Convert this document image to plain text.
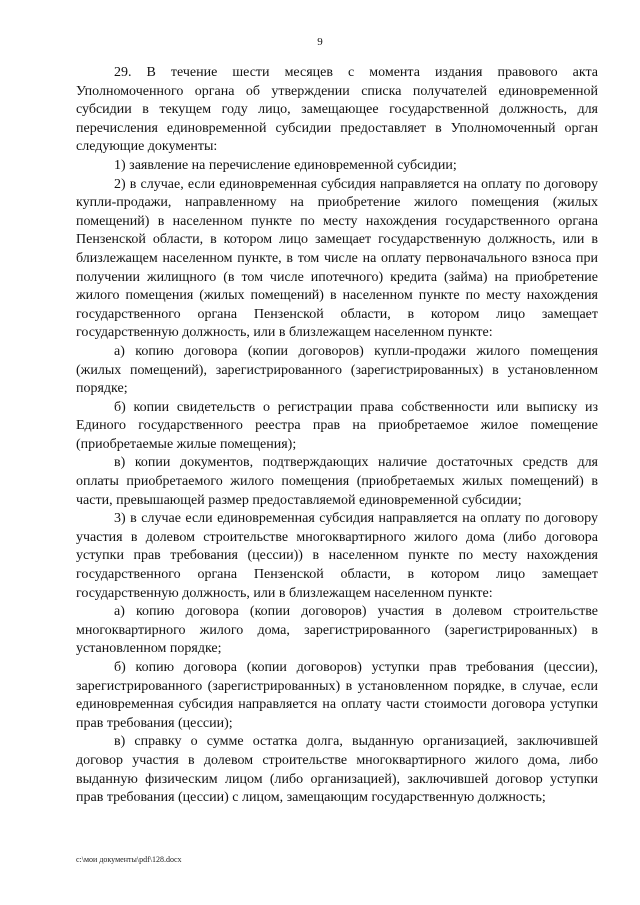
9

29. В течение шести месяцев с момента издания правового акта Уполномоченного органа об утверждении списка получателей единовременной субсидии в текущем году лицо, замещающее государственной должность, для перечисления единовременной субсидии предоставляет в Уполномоченный орган следующие документы:

1) заявление на перечисление единовременной субсидии;

2) в случае, если единовременная субсидия направляется на оплату по договору купли-продажи, направленному на приобретение жилого помещения (жилых помещений) в населенном пункте по месту нахождения государственного органа Пензенской области, в котором лицо замещает государственную должность, или в близлежащем населенном пункте, в том числе на оплату первоначального взноса при получении жилищного (в том числе ипотечного) кредита (займа) на приобретение жилого помещения (жилых помещений) в населенном пункте по месту нахождения государственного органа Пензенской области, в котором лицо замещает государственную должность, или в близлежащем населенном пункте:

а) копию договора (копии договоров) купли-продажи жилого помещения (жилых помещений), зарегистрированного (зарегистрированных) в установленном порядке;

б) копии свидетельств о регистрации права собственности или выписку из Единого государственного реестра прав на приобретаемое жилое помещение (приобретаемые жилые помещения);

в) копии документов, подтверждающих наличие достаточных средств для оплаты приобретаемого жилого помещения (приобретаемых жилых помещений) в части, превышающей размер предоставляемой единовременной субсидии;

3) в случае если единовременная субсидия направляется на оплату по договору участия в долевом строительстве многоквартирного жилого дома (либо договора уступки прав требования (цессии)) в населенном пункте по месту нахождения государственного органа Пензенской области, в котором лицо замещает государственную должность, или в близлежащем населенном пункте:

а) копию договора (копии договоров) участия в долевом строительстве многоквартирного жилого дома, зарегистрированного (зарегистрированных) в установленном порядке;

б) копию договора (копии договоров) уступки прав требования (цессии), зарегистрированного (зарегистрированных) в установленном порядке, в случае, если единовременная субсидия направляется на оплату части стоимости договора уступки прав требования (цессии);

в) справку о сумме остатка долга, выданную организацией, заключившей договор участия в долевом строительстве многоквартирного жилого дома, либо выданную физическим лицом (либо организацией), заключившей договор уступки прав требования (цессии) с лицом, замещающим государственную должность;

c:\мои документы\pdf\128.docx
